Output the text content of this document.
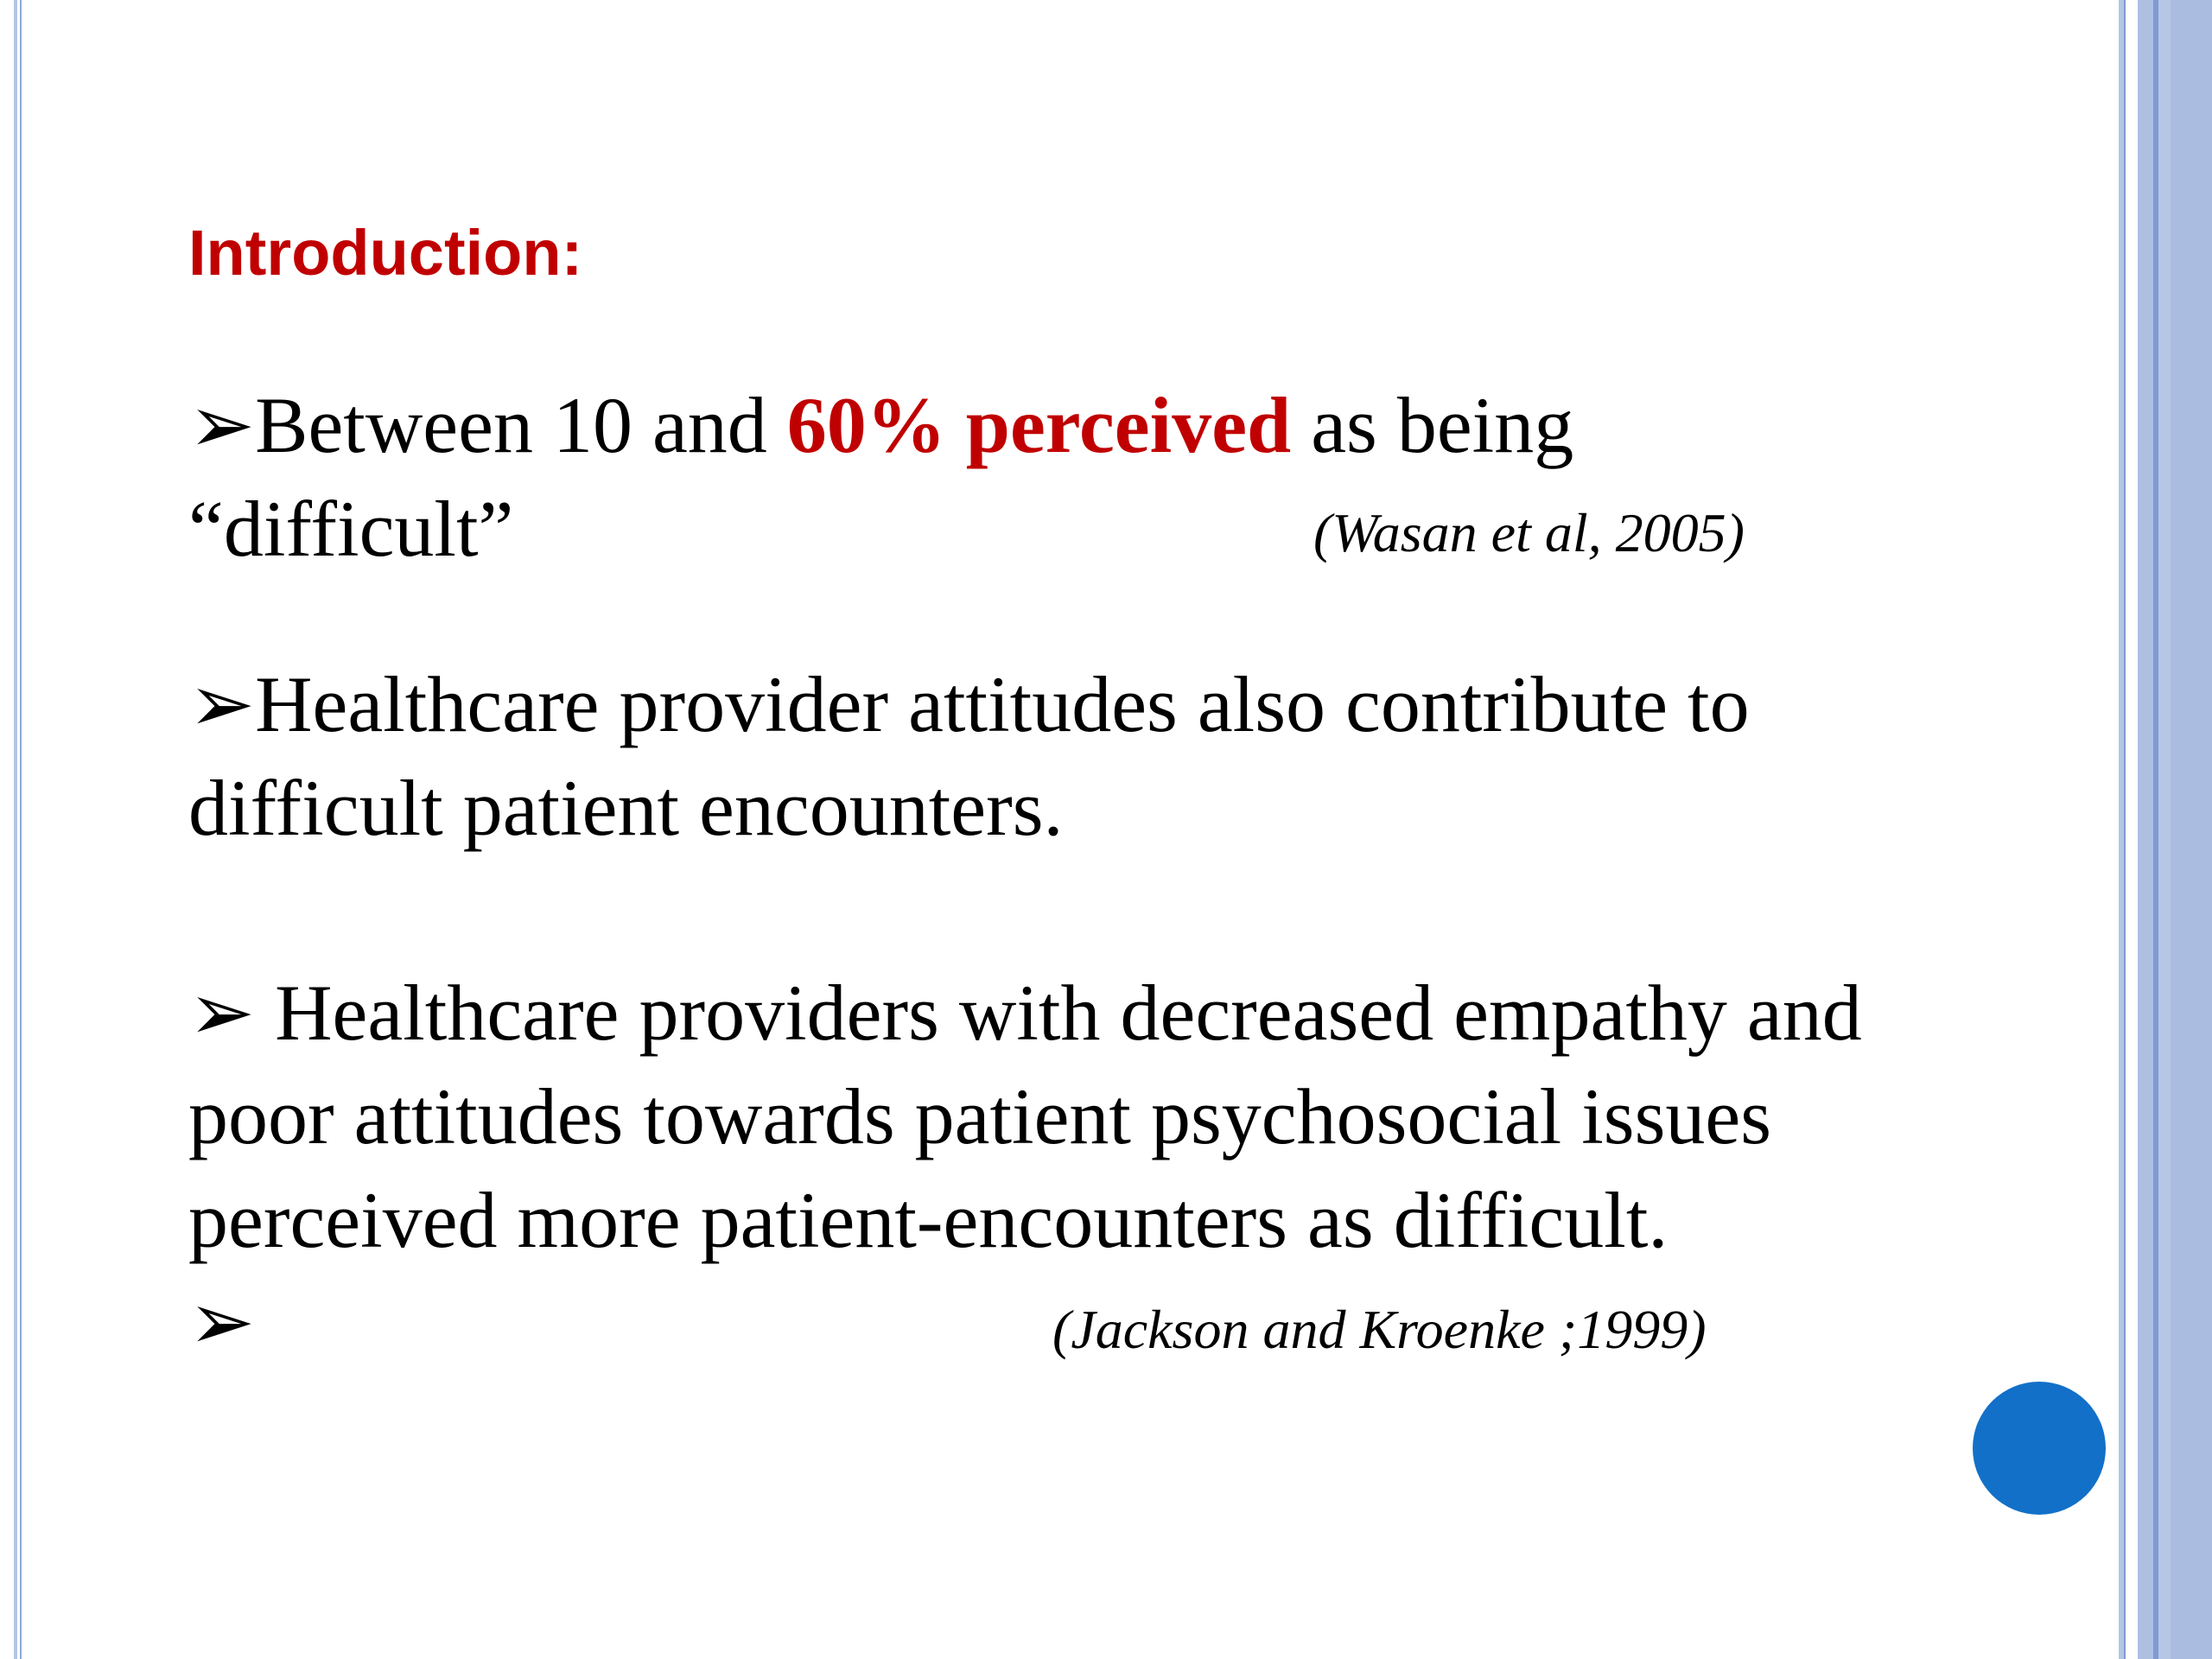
Introduction:
➢Between 10 and 60% perceived as being
“difficult”	(Wasan et al, 2005)
➢Healthcare provider attitudes also contribute to
difficult patient encounters.
➢ Healthcare providers with decreased empathy and
poor attitudes towards patient psychosocial issues
perceived more patient-encounters as difficult.
➢	(Jackson and Kroenke ;1999)
